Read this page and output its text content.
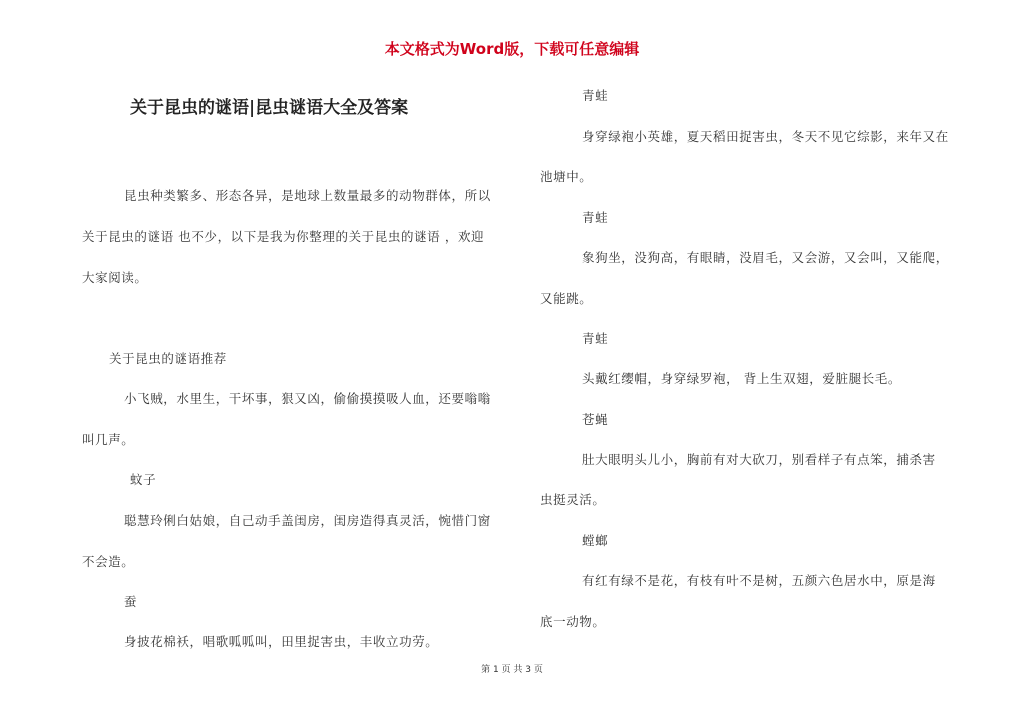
本文格式为Word版，下载可任意编辑
关于昆虫的谜语|昆虫谜语大全及答案
昆虫种类繁多、形态各异，是地球上数量最多的动物群体，所以
关于昆虫的谜语 也不少，以下是我为你整理的关于昆虫的谜语 ，欢迎
大家阅读。
关于昆虫的谜语推荐
小飞贼，水里生，干坏事，狠又凶，偷偷摸摸吸人血，还要嗡嗡
叫几声。
蚊子
聪慧玲俐白姑娘，自己动手盖闺房，闺房造得真灵活，惋惜门窗
不会造。
蚕
身披花棉袄，唱歌呱呱叫，田里捉害虫，丰收立功劳。
青蛙
身穿绿袍小英雄，夏天稻田捉害虫，冬天不见它综影，来年又在
池塘中。
青蛙
象狗坐，没狗高，有眼睛，没眉毛，又会游，又会叫，又能爬，
又能跳。
青蛙
头戴红缨帽，身穿绿罗袍， 背上生双翅，爱脏腿长毛。
苍蝇
肚大眼明头儿小，胸前有对大砍刀，别看样子有点笨，捕杀害
虫挺灵活。
螳螂
有红有绿不是花，有枝有叶不是树，五颜六色居水中，原是海
底一动物。
第 1 页 共 3 页
